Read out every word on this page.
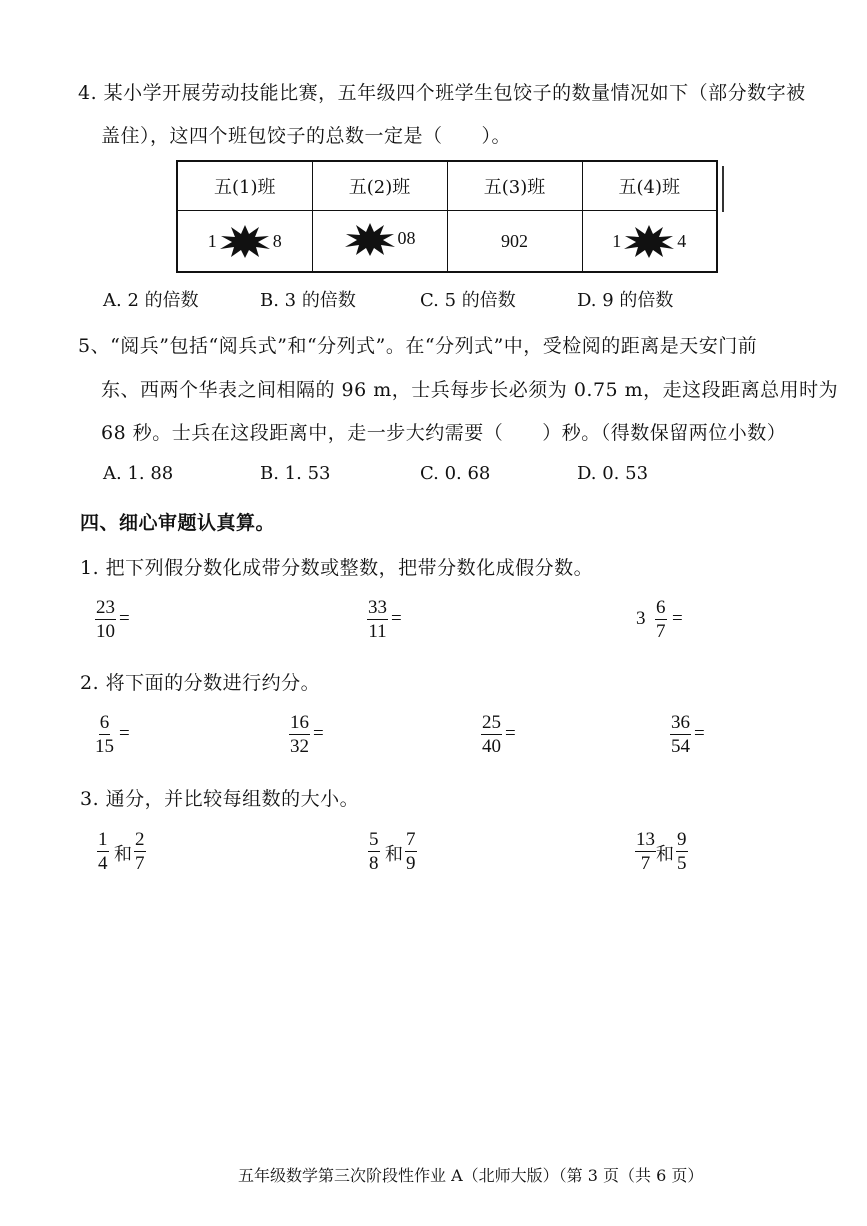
4. 某小学开展劳动技能比赛，五年级四个班学生包饺子的数量情况如下（部分数字被
盖住），这四个班包饺子的总数一定是（　　）。
五(1)班	五(2)班	五(3)班	五(4)班

1 8	08	902	1 4
A. 2 的倍数	B. 3 的倍数	C. 5 的倍数	D. 9 的倍数
5、“阅兵”包括“阅兵式”和“分列式”。在“分列式”中，受检阅的距离是天安门前
东、西两个华表之间相隔的 96 m，士兵每步长必须为 0.75 m，走这段距离总用时为
68 秒。士兵在这段距离中，走一步大约需要（　　）秒。（得数保留两位小数）
A. 1. 88	B. 1. 53	C. 0. 68	D. 0. 53
四、细心审题认真算。
1. 把下列假分数化成带分数或整数，把带分数化成假分数。
$\frac{23}{10}$ =	$\frac{33}{11}$ =	$3 \frac{6}{7}$ =
2. 将下面的分数进行约分。
$\frac{6}{15}$ =	$\frac{16}{32}$ =	$\frac{25}{40}$ =	$\frac{36}{54}$ =
3. 通分，并比较每组数的大小。
$\frac{1}{4}$ 和 $\frac{2}{7}$	$\frac{5}{8}$ 和 $\frac{7}{9}$	$\frac{13}{7}$ 和 $\frac{9}{5}$
五年级数学第三次阶段性作业 A（北师大版）（第 3 页（共 6 页）
